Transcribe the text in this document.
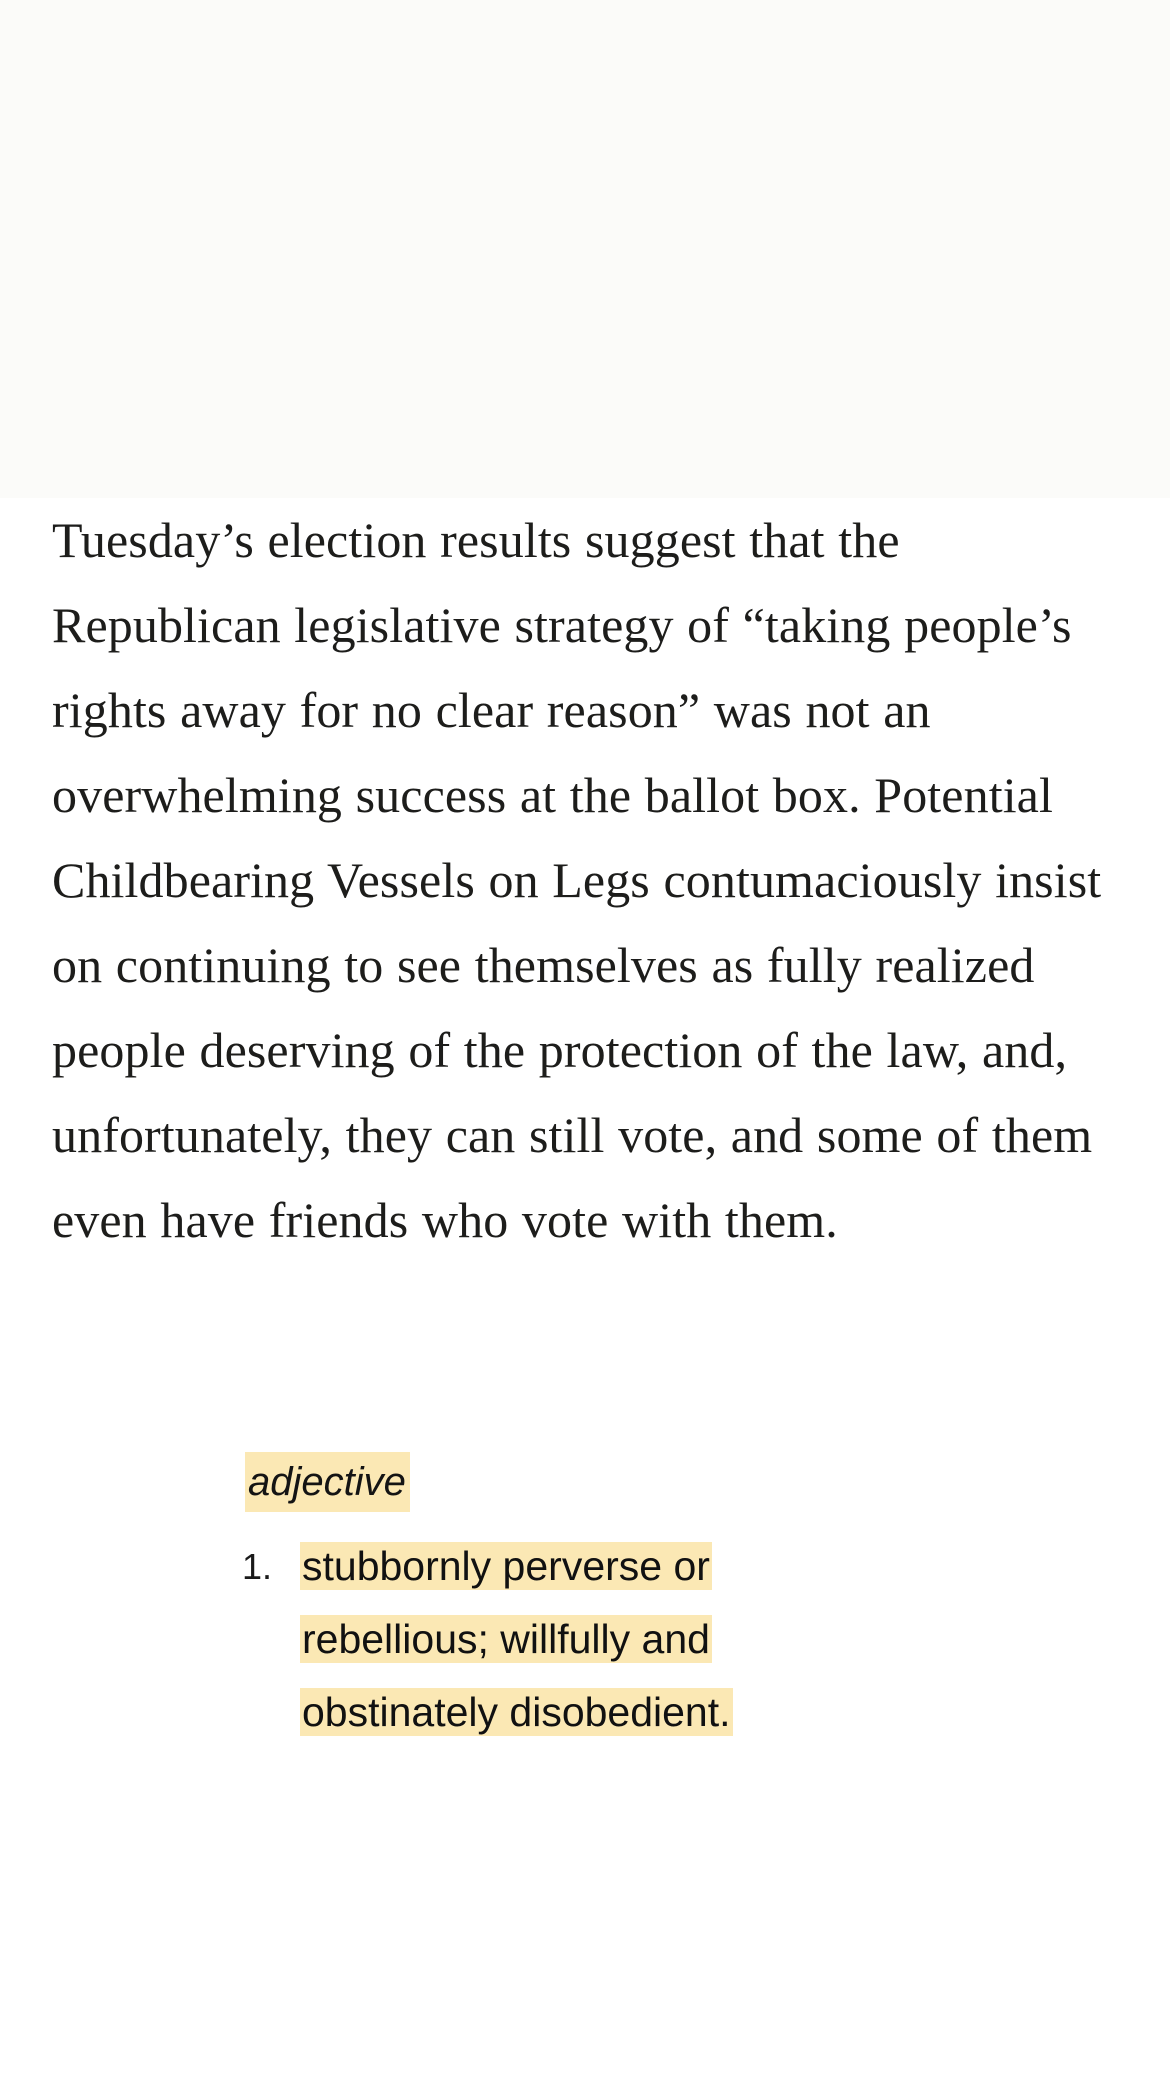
Tuesday’s election results suggest that the Republican legislative strategy of “taking people’s rights away for no clear reason” was not an overwhelming success at the ballot box. Potential Childbearing Vessels on Legs contumaciously insist on continuing to see themselves as fully realized people deserving of the protection of the law, and, unfortunately, they can still vote, and some of them even have friends who vote with them.

adjective
1. stubbornly perverse or rebellious; willfully and obstinately disobedient.
